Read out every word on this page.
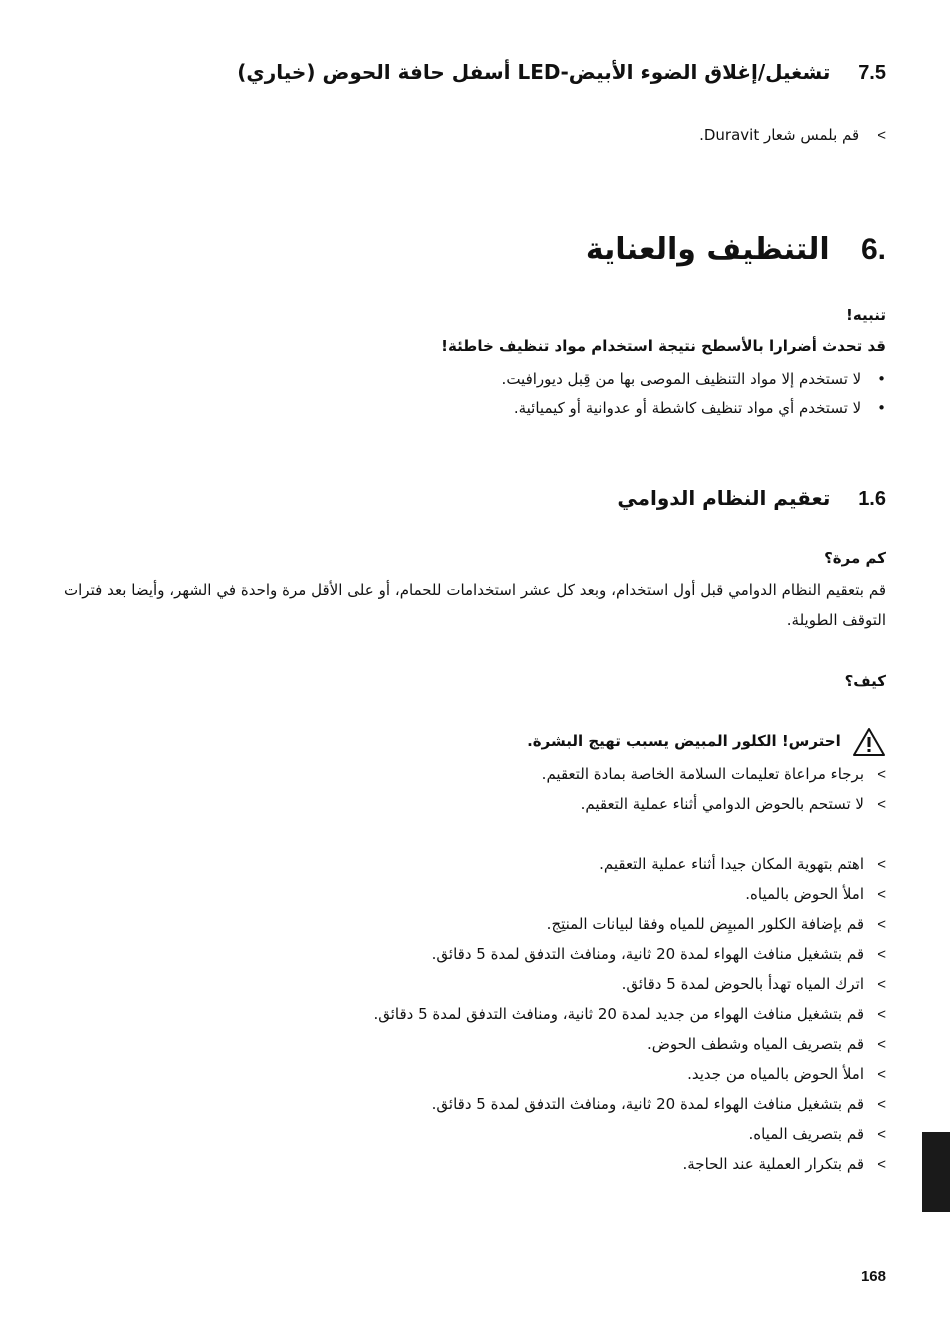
7.5    تشغيل/إغلاق الضوء الأبيض-LED أسفل حافة الحوض (خياري)
> قم بلمس شعار Duravit.
.6   التنظيف والعناية
تنبيه!
قد تحدث أضرارا بالأسطح نتيجة استخدام مواد تنظيف خاطئة!
• لا تستخدم إلا مواد التنظيف الموصى بها من قِبل ديورافيت.
• لا تستخدم أي مواد تنظيف كاشطة أو عدوانية أو كيميائية.
1.6    تعقيم النظام الدوامي
كم مرة؟
قم بتعقيم النظام الدوامي قبل أول استخدام، وبعد كل عشر استخدامات للحمام، أو على الأقل مرة واحدة في الشهر، وأيضا بعد فترات التوقف الطويلة.
كيف؟
احترس! الكلور المبيض يسبب تهيج البشرة.
>برجاء مراعاة تعليمات السلامة الخاصة بمادة التعقيم.
>لا تستحم بالحوض الدوامي أثناء عملية التعقيم.
>اهتم بتهوية المكان جيدا أثناء عملية التعقيم.
>املأ الحوض بالمياه.
>قم بإضافة الكلور المبيِض للمياه وفقا لبيانات المنتِج.
>قم بتشغيل منافث الهواء لمدة 20 ثانية، ومنافث التدفق لمدة 5 دقائق.
>اترك المياه تهدأ بالحوض لمدة 5 دقائق.
>قم بتشغيل منافث الهواء من جديد لمدة 20 ثانية، ومنافث التدفق لمدة 5 دقائق.
>قم بتصريف المياه وشطف الحوض.
>املأ الحوض بالمياه من جديد.
>قم بتشغيل منافث الهواء لمدة 20 ثانية، ومنافث التدفق لمدة 5 دقائق.
>قم بتصريف المياه.
>قم بتكرار العملية عند الحاجة.
168
